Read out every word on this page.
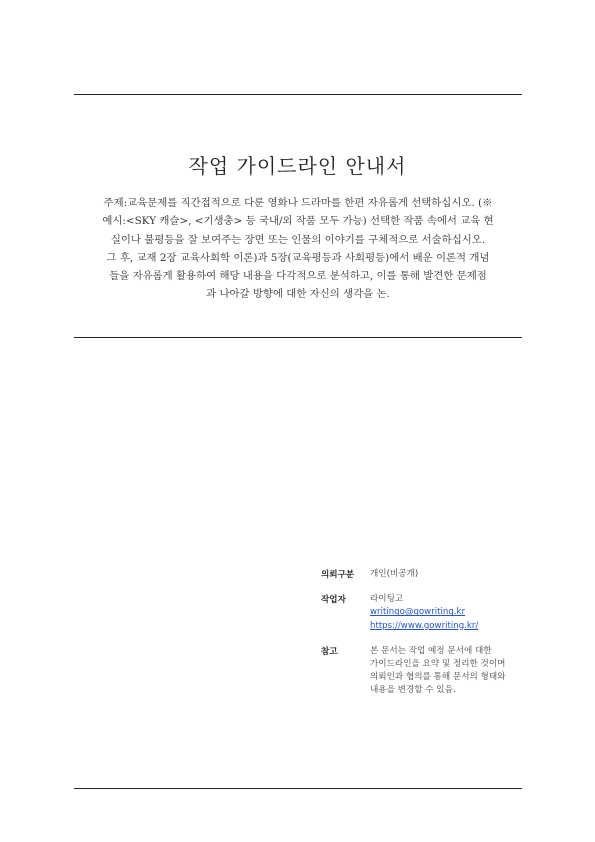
작업 가이드라인 안내서
주제:교육문제를 직간접적으로 다룬 영화나 드라마를 한편 자유롭게 선택하십시오. (※
예시:<SKY 캐슬>, <기생충> 등 국내/외 작품 모두 가능) 선택한 작품 속에서 교육 현
실이나 불평등을 잘 보여주는 장면 또는 인물의 이야기를 구체적으로 서술하십시오.
그 후, 교재 2장 교육사회학 이론)과 5장(교육평등과 사회평등)에서 배운 이론적 개념
들을 자유롭게 활용하여 해당 내용을 다각적으로 분석하고, 이를 통해 발견한 문제점
과 나아갈 방향에 대한 자신의 생각을 논.
의뢰구분	개인(비공개)
작업자	라이팅고
writingo@gowriting.kr
https://www.gowriting.kr/
참고	본 문서는 작업 예정 문서에 대한
가이드라인을 요약 및 정리한 것이며
의뢰인과 협의를 통해 문서의 형태와
내용을 변경할 수 있음.
